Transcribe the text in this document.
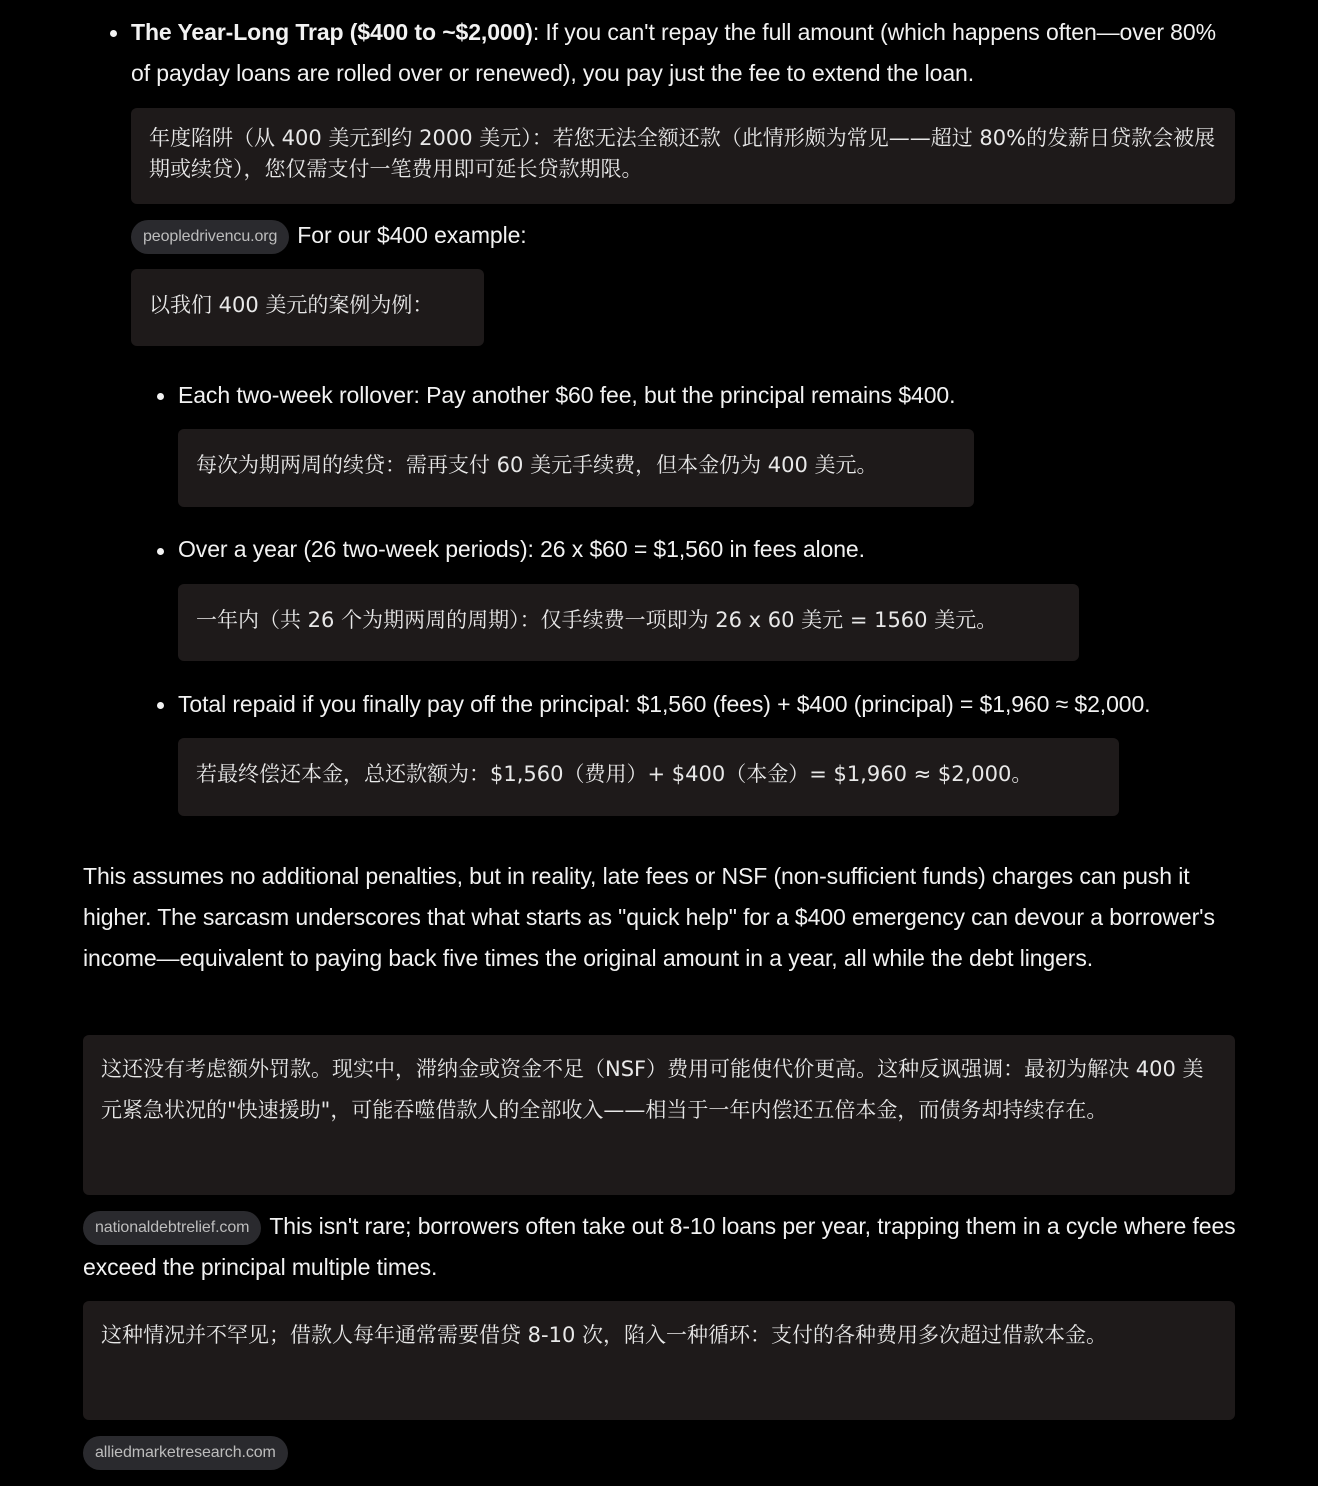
The Year-Long Trap ($400 to ~$2,000): If you can't repay the full amount (which happens often—over 80% of payday loans are rolled over or renewed), you pay just the fee to extend the loan.
年度陷阱（从 400 美元到约 2000 美元）：若您无法全额还款（此情形颇为常见——超过 80%的发薪日贷款会被展期或续贷），您仅需支付一笔费用即可延长贷款期限。
peopledrivencu.org For our $400 example:
以我们 400 美元的案例为例：
Each two-week rollover: Pay another $60 fee, but the principal remains $400.
每次为期两周的续贷：需再支付 60 美元手续费，但本金仍为 400 美元。
Over a year (26 two-week periods): 26 x $60 = $1,560 in fees alone.
一年内（共 26 个为期两周的周期）：仅手续费一项即为 26 x 60 美元 = 1560 美元。
Total repaid if you finally pay off the principal: $1,560 (fees) + $400 (principal) = $1,960 ≈ $2,000.
若最终偿还本金，总还款额为：$1,560（费用）+ $400（本金）= $1,960 ≈ $2,000。
This assumes no additional penalties, but in reality, late fees or NSF (non-sufficient funds) charges can push it higher. The sarcasm underscores that what starts as "quick help" for a $400 emergency can devour a borrower's income—equivalent to paying back five times the original amount in a year, all while the debt lingers.
这还没有考虑额外罚款。现实中，滞纳金或资金不足（NSF）费用可能使代价更高。这种反讽强调：最初为解决 400 美元紧急状况的"快速援助"，可能吞噬借款人的全部收入——相当于一年内偿还五倍本金，而债务却持续存在。
nationaldebtrelief.com This isn't rare; borrowers often take out 8-10 loans per year, trapping them in a cycle where fees exceed the principal multiple times.
这种情况并不罕见；借款人每年通常需要借贷 8-10 次，陷入一种循环：支付的各种费用多次超过借款本金。
alliedmarketresearch.com
